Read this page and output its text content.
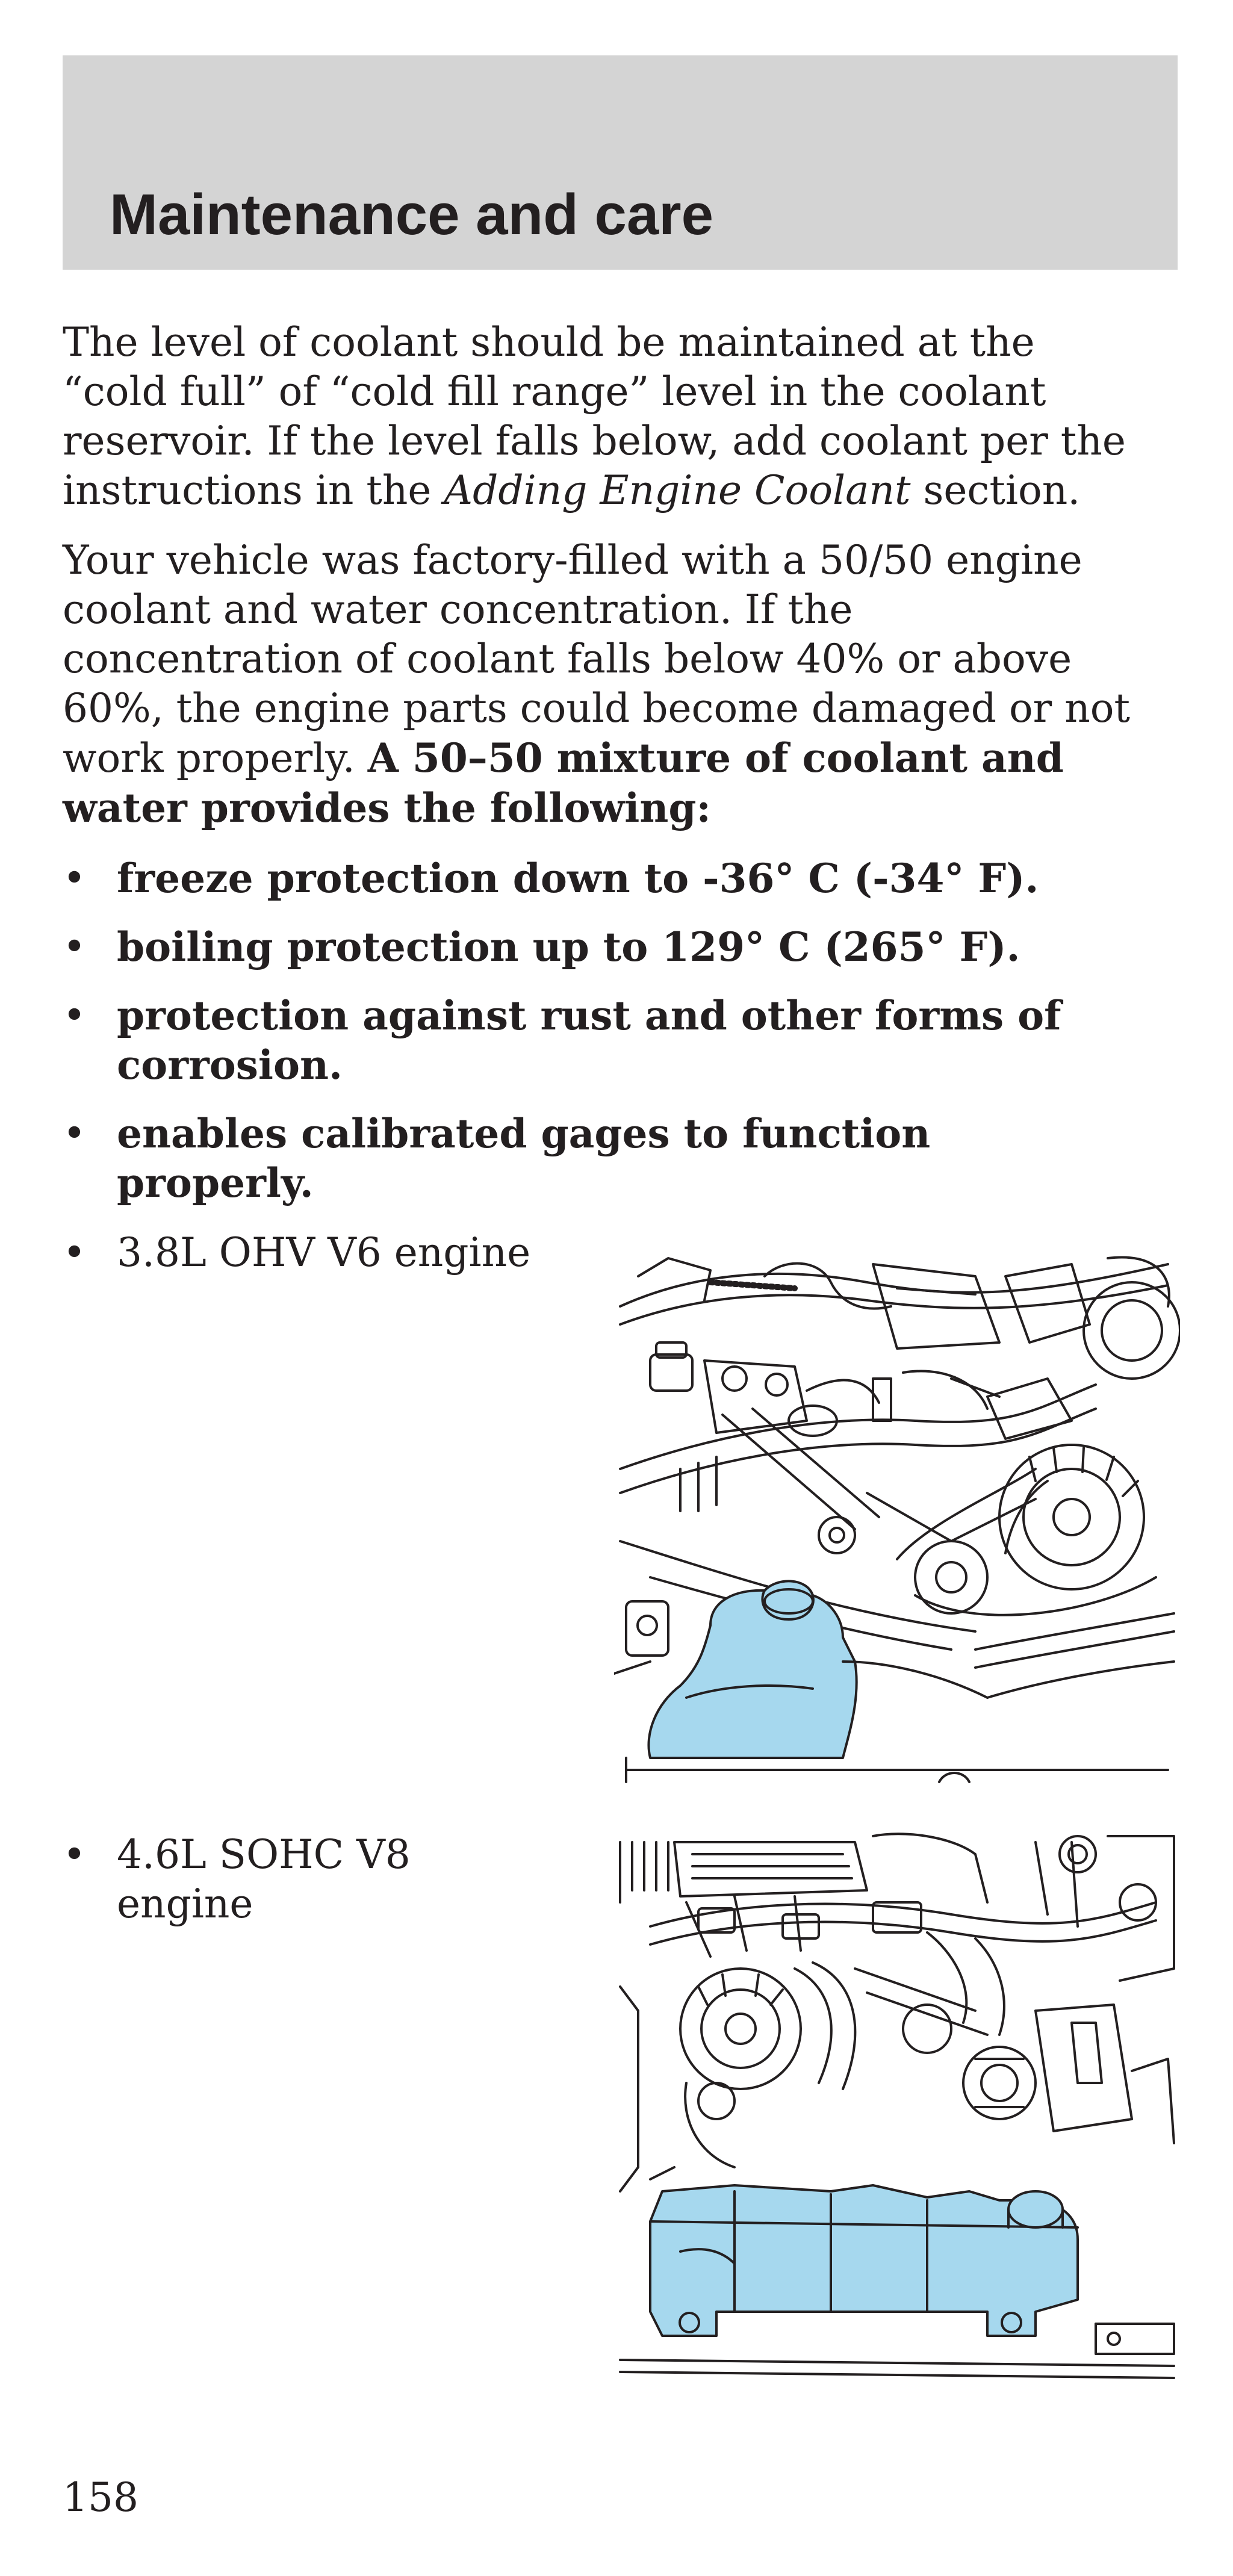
Maintenance and care

The level of coolant should be maintained at the

“cold full” of “cold fill range” level in the coolant

reservoir. If the level falls below, add coolant per the

instructions in the Adding Engine Coolant section.

Your vehicle was factory-filled with a 50/50 engine

coolant and water concentration. If the

concentration of coolant falls below 40% or above

60%, the engine parts could become damaged or not

work properly. A 50–50 mixture of coolant and

water provides the following:

• freeze protection down to -36° C (-34° F).
• boiling protection up to 129° C (265° F).
• protection against rust and other forms of
corrosion.
• enables calibrated gages to function
properly.
• 3.8L OHV V6 engine
• 4.6L SOHC V8
engine
158
